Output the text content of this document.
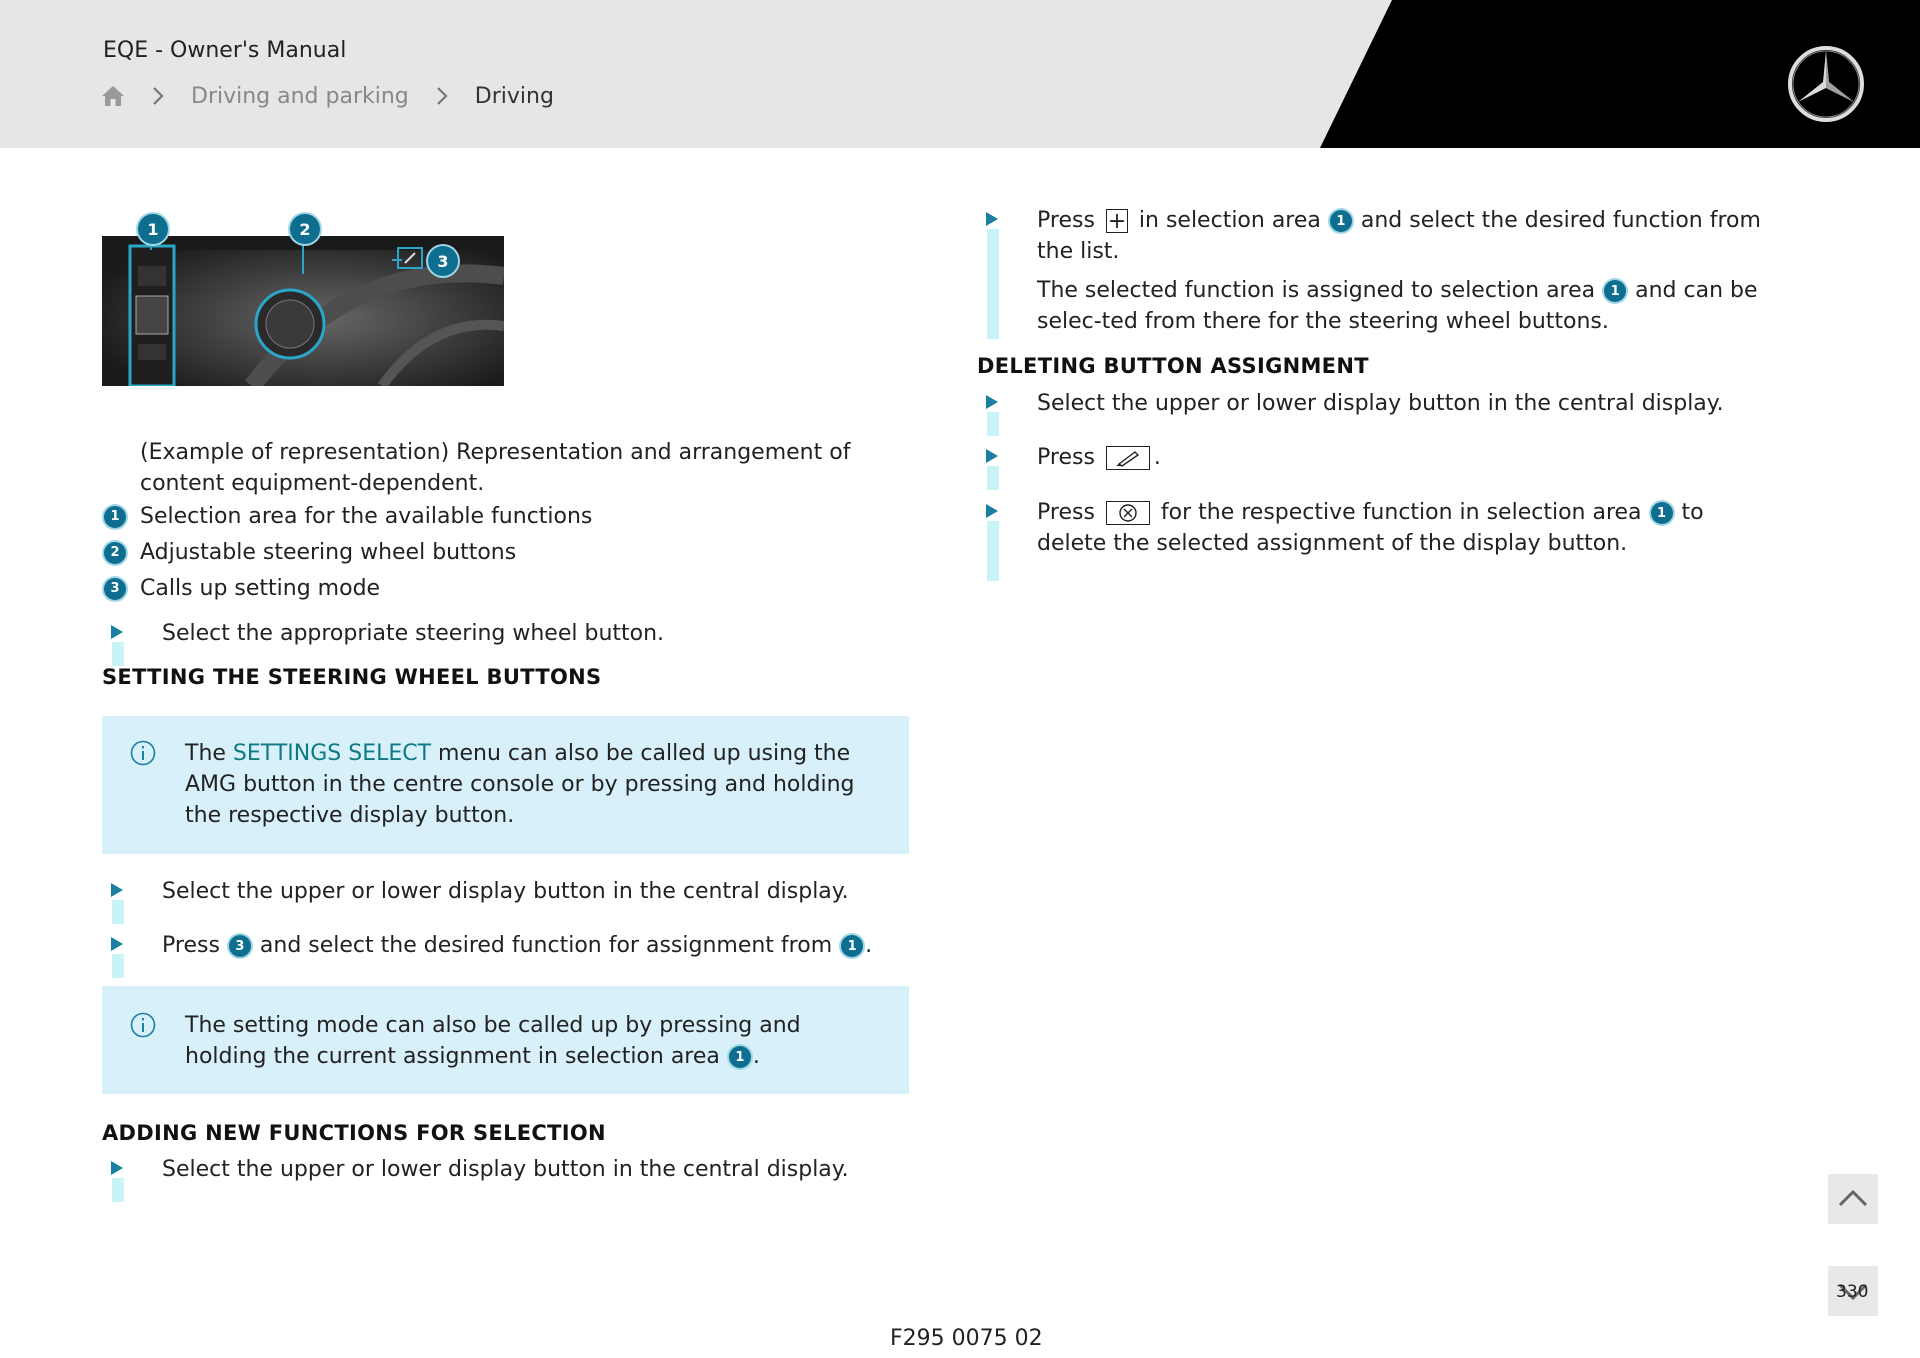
EQE - Owner's Manual
Driving and parking	Driving
1	2
3
(Example of representation) Representation and arrangement of content equipment-dependent.
1 Selection area for the available functions
2 Adjustable steering wheel buttons
3 Calls up setting mode
Select the appropriate steering wheel button.
SETTING THE STEERING WHEEL BUTTONS
The SETTINGS SELECT menu can also be called up using the AMG button in the centre console or by pressing and holding the respective display button.
Select the upper or lower display button in the central display.
Press 3 and select the desired function for assignment from 1 .
The setting mode can also be called up by pressing and holding the current assignment in selection area 1 .
ADDING NEW FUNCTIONS FOR SELECTION
Select the upper or lower display button in the central display.
Press + in selection area 1 and select the desired function from the list.
The selected function is assigned to selection area 1 and can be selec-ted from there for the steering wheel buttons.
DELETING BUTTON ASSIGNMENT
Select the upper or lower display button in the central display.
Press
.
Press
for the respective function in selection area 1 to delete the selected assignment of the display button.
330
F295 0075 02
